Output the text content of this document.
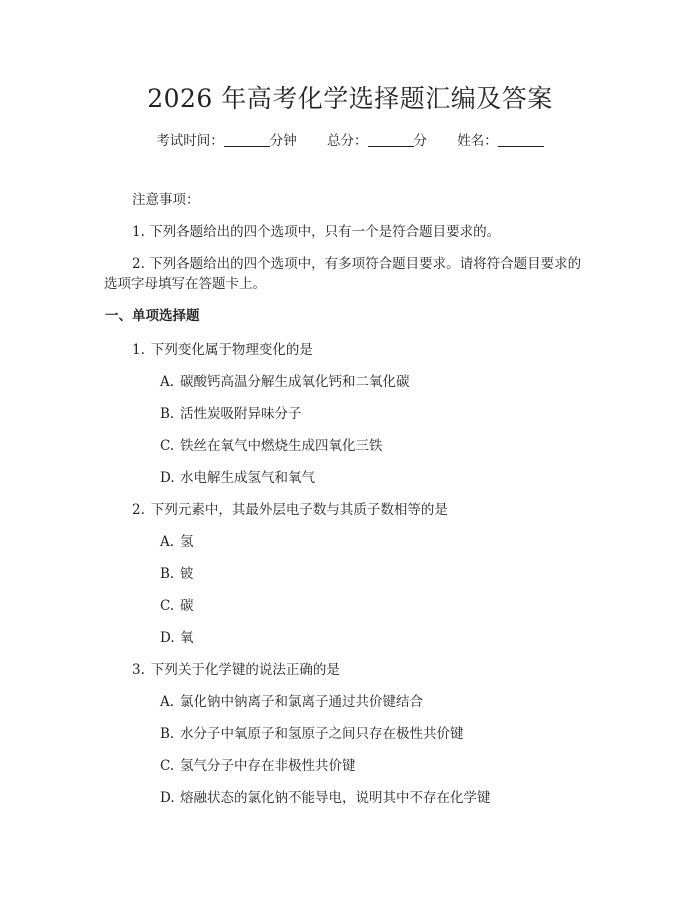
2026 年高考化学选择题汇编及答案
考试时间：	分钟 总分：	分 姓名：
注意事项：
1. 下列各题给出的四个选项中，只有一个是符合题目要求的。
2. 下列各题给出的四个选项中，有多项符合题目要求。请将符合题目要求的
选项字母填写在答题卡上。
一、单项选择题
1. 下列变化属于物理变化的是
A. 碳酸钙高温分解生成氧化钙和二氧化碳
B. 活性炭吸附异味分子
C. 铁丝在氧气中燃烧生成四氧化三铁
D. 水电解生成氢气和氧气
2. 下列元素中，其最外层电子数与其质子数相等的是
A. 氢
B. 铍
C. 碳
D. 氧
3. 下列关于化学键的说法正确的是
A. 氯化钠中钠离子和氯离子通过共价键结合
B. 水分子中氧原子和氢原子之间只存在极性共价键
C. 氢气分子中存在非极性共价键
D. 熔融状态的氯化钠不能导电，说明其中不存在化学键
